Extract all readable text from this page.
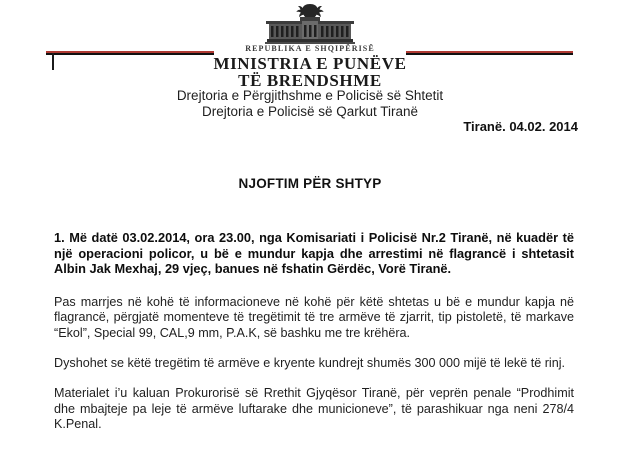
REPUBLIKA E SHQIPËRISË
MINISTRIA E PUNËVE
TË BRENDSHME
Drejtoria e Përgjithshme e Policisë së Shtetit
Drejtoria e Policisë së Qarkut Tiranë
Tiranë. 04.02. 2014
NJOFTIM PËR SHTYP

1. Më datë 03.02.2014, ora 23.00, nga Komisariati i Policisë Nr.2 Tiranë, në kuadër të një operacioni policor, u bë e mundur kapja dhe arrestimi në flagrancë i shtetasit Albin Jak Mexhaj, 29 vjeç, banues në fshatin Gërdëc, Vorë Tiranë.

Pas marrjes në kohë të informacioneve në kohë për këtë shtetas u bë e mundur kapja në flagrancë, përgjatë momenteve të tregëtimit të tre armëve të zjarrit, tip pistoletë, të markave “Ekol”, Special 99, CAL,9 mm, P.A.K, së bashku me tre krëhëra.

Dyshohet se këtë tregëtim të armëve e kryente kundrejt shumës 300 000 mijë të lekë të rinj.

Materialet i’u kaluan Prokurorisë së Rrethit Gjyqësor Tiranë, për veprën penale “Prodhimit dhe mbajteje pa leje të armëve luftarake dhe municioneve”, të parashikuar nga neni 278/4 K.Penal.
